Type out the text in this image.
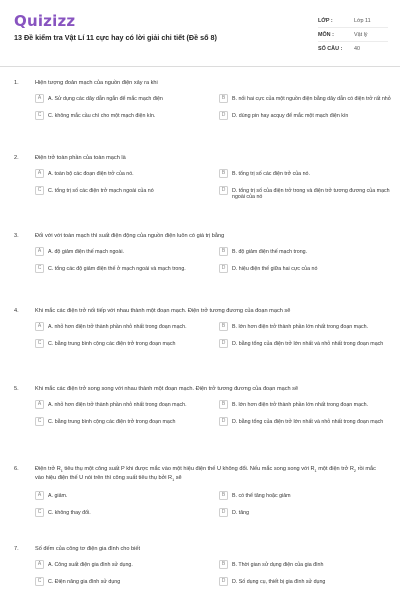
Quizizz
13 Đề kiểm tra Vật Lí 11 cực hay có lời giải chi tiết (Đề số 8)
LỚP :	Lớp 11
MÔN :	Vật lý
SỐ CÂU :	40
1.	Hiện tượng đoản mạch của nguồn điện xảy ra khi
A	A. Sử dụng các dây dẫn ngắn để mắc mạch điện	B	B. nối hai cực của một nguồn điện bằng dây dẫn có điện trở rất nhỏ
C	C. không mắc cầu chì cho một mạch điện kín.	D	D. dùng pin hay acquy để mắc một mạch điện kín
2.	Điện trở toàn phần của toàn mạch là
A	A. toàn bộ các đoạn điện trở của nó.	B	B. tổng trị số các điện trở của nó.
C	C. tổng trị số các điện trở mạch ngoài của nó	D	D. tổng trị số của điện trở trong và điện trở tương đương của mạch ngoài của nó
3.	Đối với với toàn mạch thì suất điện động của nguồn điện luôn có giá trị bằng
A	A. độ giảm điện thế mạch ngoài.	B	B. độ giảm điện thế mạch trong.
C	C. tổng các độ giảm điện thế ở mạch ngoài và mạch trong.	D	D. hiệu điện thế giữa hai cực của nó
4.	Khi mắc các điện trở nối tiếp với nhau thành một đoạn mạch. Điện trở tương đương của đoạn mạch sẽ
A	A. nhỏ hơn điện trở thành phần nhỏ nhất trong đoạn mạch.	B	B. lớn hơn điện trở thành phần lớn nhất trong đoạn mạch.
C	C. bằng trung bình cộng các điện trở trong đoạn mạch	D	D. bằng tổng của điện trở lớn nhất và nhỏ nhất trong đoạn mạch
5.	Khi mắc các điện trở song song với nhau thành một đoạn mạch. Điện trở tương đương của đoạn mạch sẽ
A	A. nhỏ hơn điện trở thành phần nhỏ nhất trong đoạn mạch.	B	B. lớn hơn điện trở thành phần lớn nhất trong đoạn mạch.
C	C. bằng trung bình cộng các điện trở trong đoạn mạch	D	D. bằng tổng của điện trở lớn nhất và nhỏ nhất trong đoạn mạch
6.	Điện trở $R_1$ tiêu thụ một công suất P khi được mắc vào một hiệu điện thế U không đổi. Nếu mắc song song với $R_1$ một điện trở $R_2$ rồi mắc vào hiệu điện thế U nói trên thì công suất tiêu thụ bởi $R_1$ sẽ
A	A. giảm.	B	B. có thể tăng hoặc giảm
C	C. không thay đổi.	D	D. tăng
7.	Số đếm của công tơ điện gia đình cho biết
A	A. Công suất điện gia đình sử dụng.	B	B. Thời gian sử dụng điện của gia đình
C	C. Điện năng gia đình sử dụng	D	D. Số dụng cụ, thiết bị gia đình sử dụng
